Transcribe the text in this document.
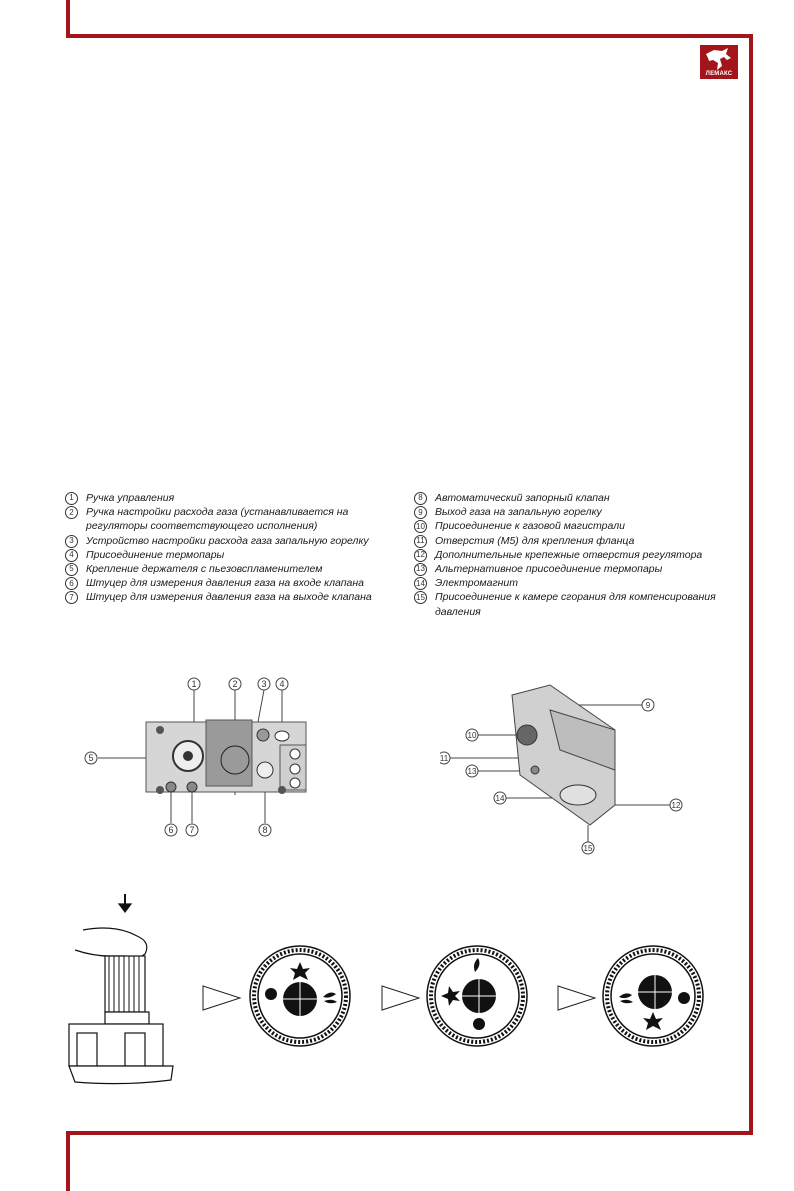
ЛЕМАКС
1	Ручка управления
2	Ручка настройки расхода газа (устанавливается на регуляторы соответствующего исполнения)
3	Устройство настройки расхода газа запальную горелку
4	Присоединение термопары
5	Крепление держателя с пьезовспламенителем
6	Штуцер для измерения давления газа на входе клапана
7	Штуцер для измерения давления газа на выходе клапана
8	Автоматический запорный клапан
9	Выход газа на запальную горелку
10 Присоединение к газовой магистрали
11 Отверстия (М5) для крепления фланца
12 Дополнительные крепежные отверстия регулятора
13 Альтернативное присоединение термопары
14 Электромагнит
15 Присоединение к камере сгорания для компенсирования давления
1	2	3 4
5
6 7	8
9
10
11
13
14
12
15
